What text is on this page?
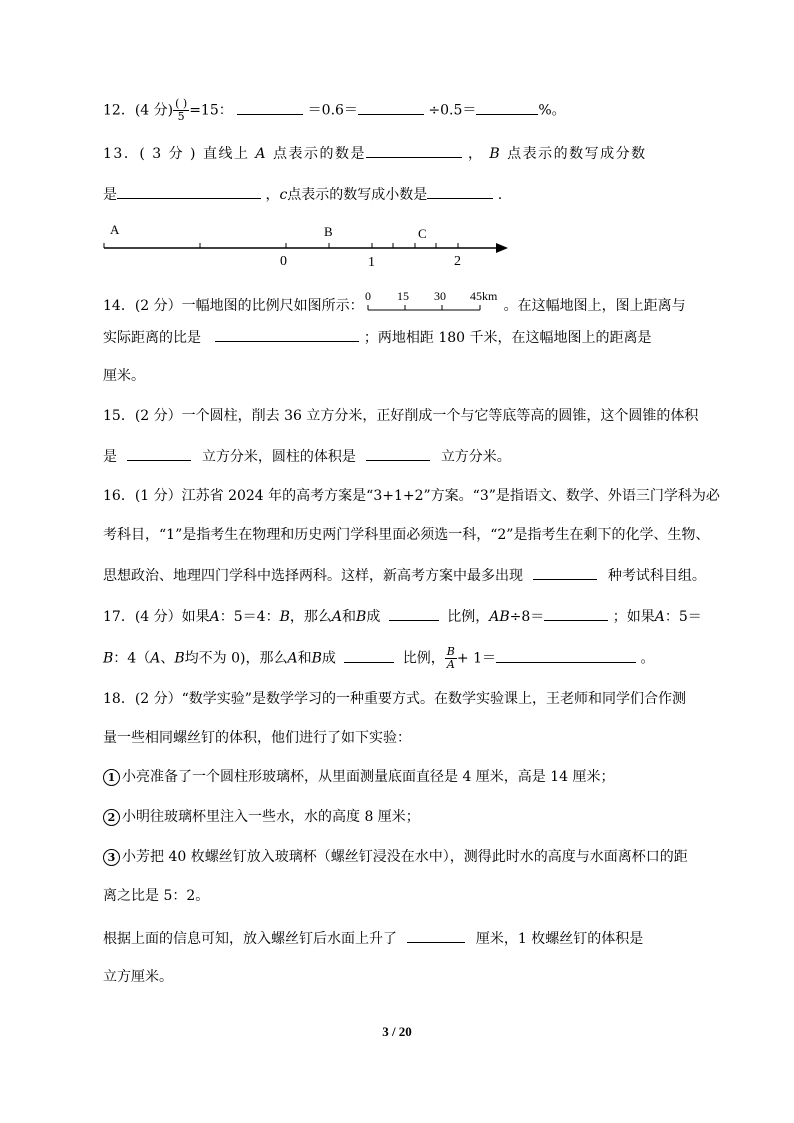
12．(4 分) $\frac{( )}{5} =15$：	＝0.6＝	÷0.5＝	%。
13．( 3 分 ) 直线上 A 点表示的数是	， B 点表示的数写成分数
是	，c点表示的数写成小数是	.
A	B	C
0	1	2
14．(2 分）一幅地图的比例尺如图所示：
0 15 30 45km
。在这幅地图上，图上距离与
实际距离的比是	；两地相距 180 千米，在这幅地图上的距离是
厘米。
15．(2 分）一个圆柱，削去 36 立方分米，正好削成一个与它等底等高的圆锥，这个圆锥的体积
是	立方分米，圆柱的体积是	立方分米。
16．(1 分）江苏省 2024 年的高考方案是“3+1+2”方案。“3”是指语文、数学、外语三门学科为必
考科目，“1”是指考生在物理和历史两门学科里面必须选一科，“2”是指考生在剩下的化学、生物、
思想政治、地理四门学科中选择两科。这样，新高考方案中最多出现	种考试科目组。
17．(4 分）如果A：5＝4：B，那么A和B成	比例，AB÷8＝	；如果A：5＝
B：4（A、B均不为 0)，那么A和B成	比例， $\frac{B}{A} + 1=$	。
18．(2 分）“数学实验”是数学学习的一种重要方式。在数学实验课上，王老师和同学们合作测
量一些相同螺丝钉的体积，他们进行了如下实验：
1 小亮准备了一个圆柱形玻璃杯，从里面测量底面直径是 4 厘米，高是 14 厘米；
2 小明往玻璃杯里注入一些水，水的高度 8 厘米；
3 小芳把 40 枚螺丝钉放入玻璃杯（螺丝钉浸没在水中），测得此时水的高度与水面离杯口的距
离之比是 5：2。
根据上面的信息可知，放入螺丝钉后水面上升了	厘米，1 枚螺丝钉的体积是
立方厘米。
3 / 20
